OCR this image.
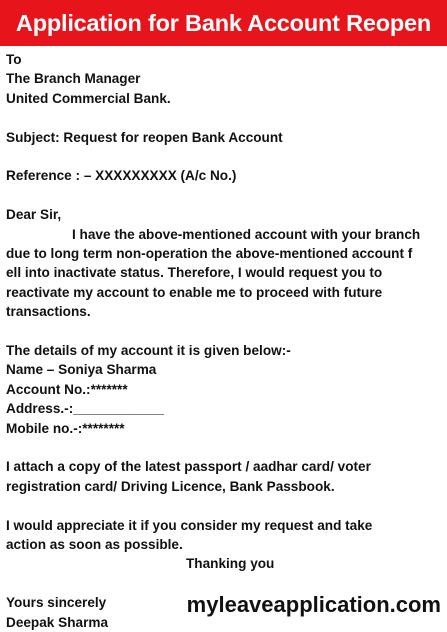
Application for Bank Account Reopen
To
The Branch Manager
United Commercial Bank.
Subject: Request for reopen Bank Account
Reference : – XXXXXXXXX (A/c No.)
Dear Sir,
I have the above-mentioned account with your branch
due to long term non-operation the above-mentioned account f
ell into inactivate status. Therefore, I would request you to
reactivate my account to enable me to proceed with future
transactions.
The details of my account it is given below:-
Name – Soniya Sharma
Account No.:*******
Address.-:____________
Mobile no.-:********
I attach a copy of the latest passport / aadhar card/ voter
registration card/ Driving Licence, Bank Passbook.
I would appreciate it if you consider my request and take
action as soon as possible.
Thanking you
Yours sincerely
Deepak Sharma
myleaveapplication.com
